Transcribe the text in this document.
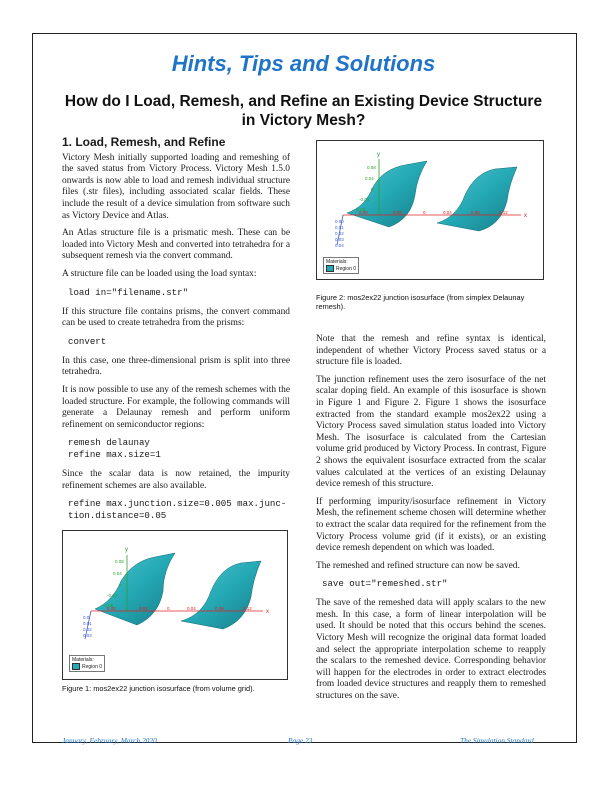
Hints, Tips and Solutions
How do I Load, Remesh, and Refine an Existing Device Structure in Victory Mesh?
1. Load, Remesh, and Refine

Victory Mesh initially supported loading and remeshing of the saved status from Victory Process. Victory Mesh 1.5.0 onwards is now able to load and remesh individual structure files (.str files), including associated scalar fields. These include the result of a device simulation from software such as Victory Device and Atlas.

An Atlas structure file is a prismatic mesh. These can be loaded into Victory Mesh and converted into tetrahedra for a subsequent remesh via the convert command.

A structure file can be loaded using the load syntax:

load in="filename.str"

If this structure file contains prisms, the convert command can be used to create tetrahedra from the prisms:

convert

In this case, one three-dimensional prism is split into three tetrahedra.

It is now possible to use any of the remesh schemes with the loaded structure. For example, the following commands will generate a Delaunay remesh and perform uniform refinement on semiconductor regions:

remesh delaunay
refine max.size=1

Since the scalar data is now retained, the impurity refinement schemes are also available.

refine max.junction.size=0.005 max.junc-
tion.distance=0.05
y
x
0.08
0.04
0
-0.04
-0.08
0.00	0.04	0	0.04	0.08	0.12
0.0
0.01
0.02
0.03
Materials:
Region 0
Figure 1: mos2ex22 junction isosurface (from volume grid).
y
x
0.08
0.04
0
-0.04
-0.08
0.00	0.04	0	0.04	0.08	0.12
0.00
0.01
0.02
0.03
0.04
Materials:
Region 0
Figure 2: mos2ex22 junction isosurface (from simplex Delaunay remesh).

Note that the remesh and refine syntax is identical, independent of whether Victory Process saved status or a structure file is loaded.

The junction refinement uses the zero isosurface of the net scalar doping field. An example of this isosurface is shown in Figure 1 and Figure 2. Figure 1 shows the isosurface extracted from the standard example mos2ex22 using a Victory Process saved simulation status loaded into Victory Mesh. The isosurface is calculated from the Cartesian volume grid produced by Victory Process. In contrast, Figure 2 shows the equivalent isosurface extracted from the scalar values calculated at the vertices of an existing Delaunay device remesh of this structure.

If performing impurity/isosurface refinement in Victory Mesh, the refinement scheme chosen will determine whether to extract the scalar data required for the refinement from the Victory Process volume grid (if it exists), or an existing device remesh dependent on which was loaded.

The remeshed and refined structure can now be saved.

save out="remeshed.str"

The save of the remeshed data will apply scalars to the new mesh. In this case, a form of linear interpolation will be used. It should be noted that this occurs behind the scenes. Victory Mesh will recognize the original data format loaded and select the appropriate interpolation scheme to reapply the scalars to the remeshed device. Corresponding behavior will happen for the electrodes in order to extract electrodes from loaded device structures and reapply them to remeshed structures on the save.

January, February, March 2020	Page 23	The Simulation Standard
